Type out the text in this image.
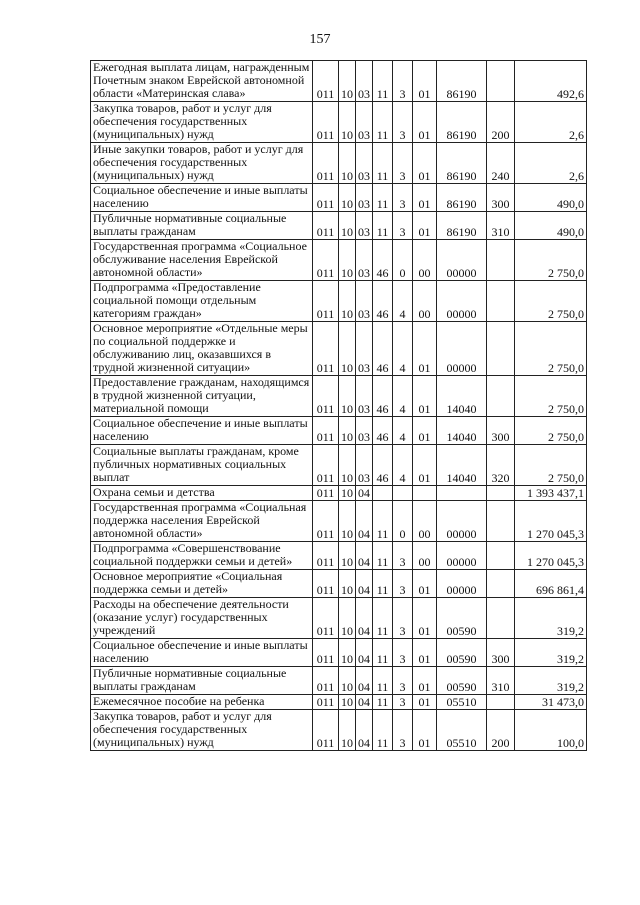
157
Ежегодная выплата лицам, награжденным Почетным знаком Еврейской автономной области «Материнская слава»	011	10	03	11	3	01	86190		492,6
Закупка товаров, работ и услуг для обеспечения государственных (муниципальных) нужд	011	10	03	11	3	01	86190	200	2,6
Иные закупки товаров, работ и услуг для обеспечения государственных (муниципальных) нужд	011	10	03	11	3	01	86190	240	2,6
Социальное обеспечение и иные выплаты населению	011	10	03	11	3	01	86190	300	490,0
Публичные нормативные социальные выплаты гражданам	011	10	03	11	3	01	86190	310	490,0
Государственная программа «Социальное обслуживание населения Еврейской автономной области»	011	10	03	46	0	00	00000		2 750,0
Подпрограмма «Предоставление социальной помощи отдельным категориям граждан»	011	10	03	46	4	00	00000		2 750,0
Основное мероприятие «Отдельные меры по социальной поддержке и обслуживанию лиц, оказавшихся в трудной жизненной ситуации»	011	10	03	46	4	01	00000		2 750,0
Предоставление гражданам, находящимся в трудной жизненной ситуации, материальной помощи	011	10	03	46	4	01	14040		2 750,0
Социальное обеспечение и иные выплаты населению	011	10	03	46	4	01	14040	300	2 750,0
Социальные выплаты гражданам, кроме публичных нормативных социальных выплат	011	10	03	46	4	01	14040	320	2 750,0
Охрана семьи и детства	011	10	04						1 393 437,1
Государственная программа «Социальная поддержка населения Еврейской автономной области»	011	10	04	11	0	00	00000		1 270 045,3
Подпрограмма «Совершенствование социальной поддержки семьи и детей»	011	10	04	11	3	00	00000		1 270 045,3
Основное мероприятие «Социальная поддержка семьи и детей»	011	10	04	11	3	01	00000		696 861,4
Расходы на обеспечение деятельности (оказание услуг) государственных учреждений	011	10	04	11	3	01	00590		319,2
Социальное обеспечение и иные выплаты населению	011	10	04	11	3	01	00590	300	319,2
Публичные нормативные социальные выплаты гражданам	011	10	04	11	3	01	00590	310	319,2
Ежемесячное пособие на ребенка	011	10	04	11	3	01	05510		31 473,0
Закупка товаров, работ и услуг для обеспечения государственных (муниципальных) нужд	011	10	04	11	3	01	05510	200	100,0
